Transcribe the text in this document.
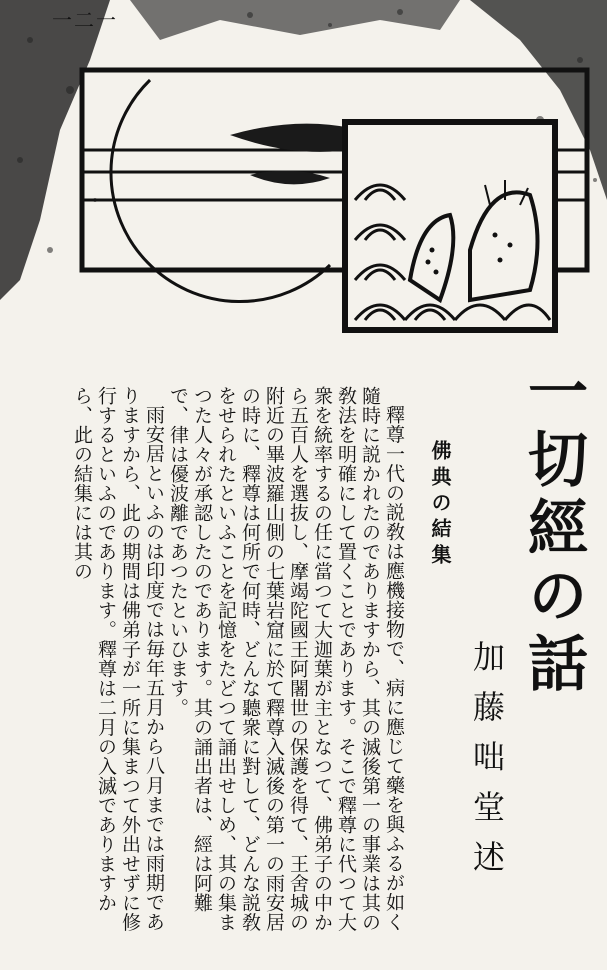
一二一
一切經の話
加藤咄堂述
佛典の結集

釋尊一代の説敎は應機接物で、病に應じて藥を與ふるが如く隨時に説かれたのでありますから、其の滅後第一の事業は其の敎法を明確にして置くことであります。そこで釋尊に代つて大衆を統率するの任に當つて大迦葉が主となつて、佛弟子の中から五百人を選抜し、摩竭陀國王阿闍世の保護を得て、王舍城の附近の畢波羅山側の七葉岩窟に於て釋尊入滅後の第一の雨安居の時に、釋尊は何所で何時、どんな聽衆に對して、どんな説敎をせられたといふことを記憶をたどつて誦出せしめ、其の集まつた人々が承認したのであります。其の誦出者は、經は阿難で、律は優波離であつたといひます。

雨安居といふのは印度では毎年五月から八月までは雨期でありますから、此の期間は佛弟子が一所に集まつて外出せずに修行するといふのであります。釋尊は二月の入滅でありますから、此の結集には其の
